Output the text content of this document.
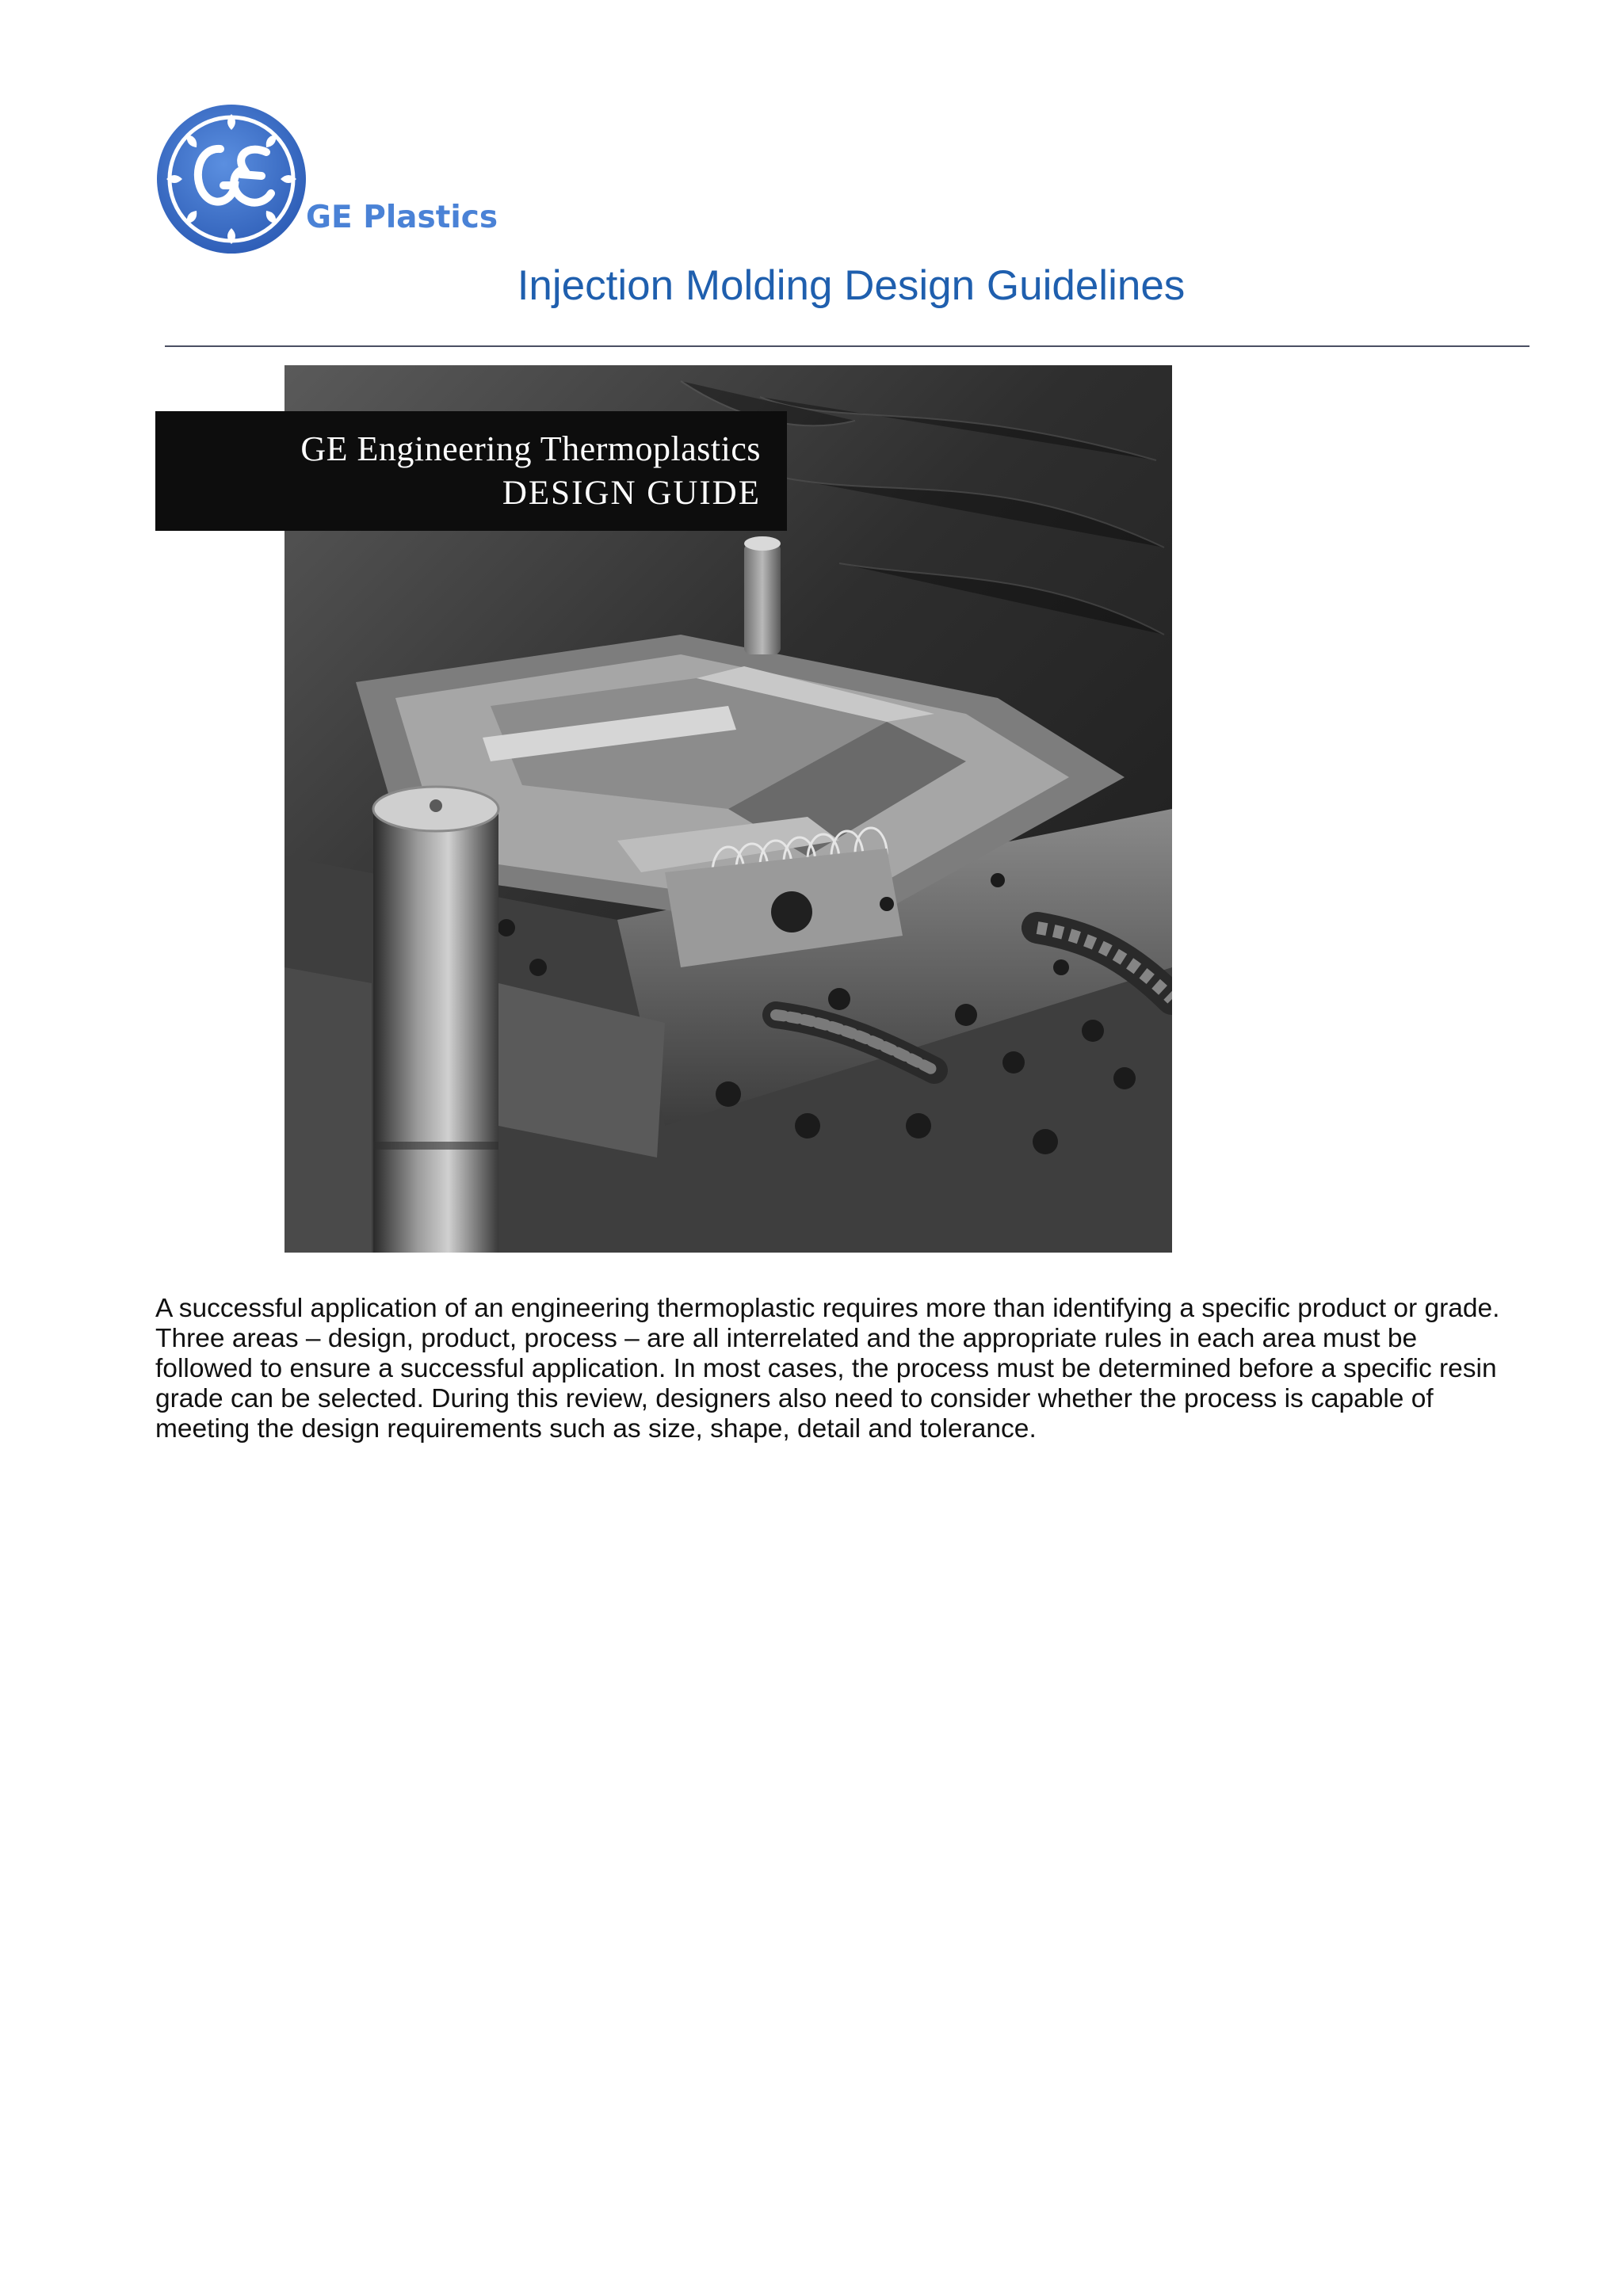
GE Plastics
Injection Molding Design Guidelines
GE Engineering Thermoplastics
DESIGN GUIDE

A successful application of an engineering thermoplastic requires more than identifying a specific product or grade.
Three areas – design, product, process – are all interrelated and the appropriate rules in each area must be
followed to ensure a successful application. In most cases, the process must be determined before a specific resin
grade can be selected. During this review, designers also need to consider whether the process is capable of
meeting the design requirements such as size, shape, detail and tolerance.
